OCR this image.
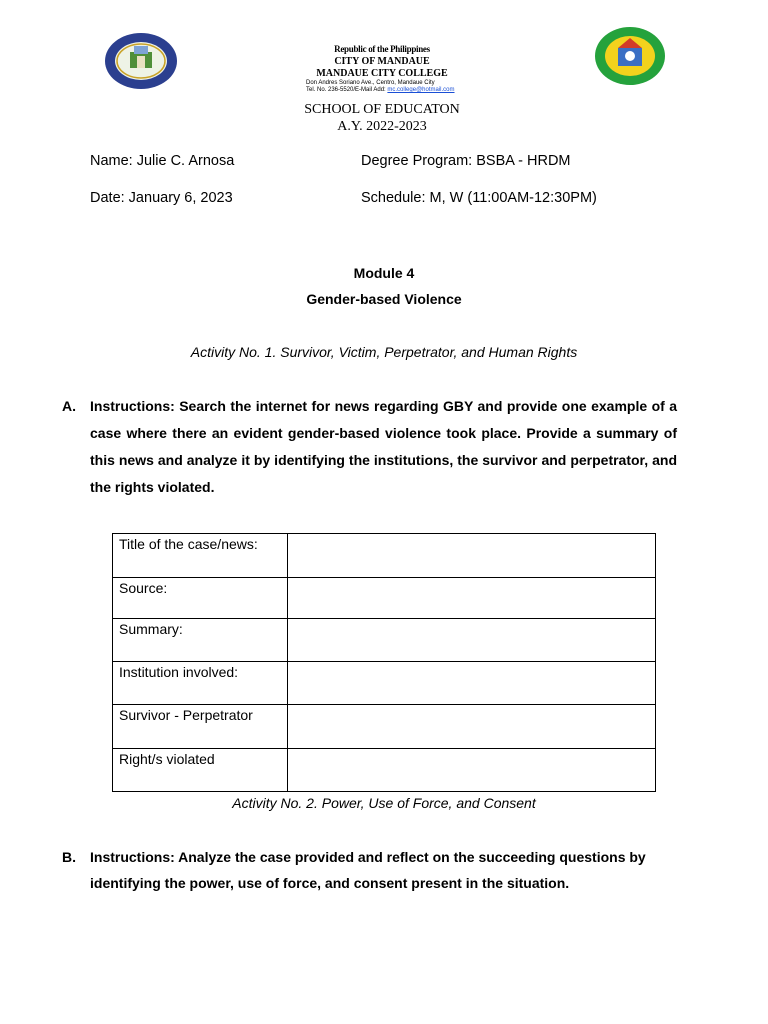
Republic of the Philippines
CITY OF MANDAUE
MANDAUE CITY COLLEGE
Don Andres Soriano Ave., Centro, Mandaue City
Tel. No. 236-5520/E-Mail Add: mc.college@hotmail.com
SCHOOL OF EDUCATON
A.Y. 2022-2023
Name: Julie C. Arnosa	Degree Program: BSBA - HRDM
Date: January 6, 2023	Schedule: M, W (11:00AM-12:30PM)
Module 4
Gender-based Violence
Activity No. 1. Survivor, Victim, Perpetrator, and Human Rights
A. Instructions: Search the internet for news regarding GBY and provide one example of a case where there an evident gender-based violence took place. Provide a summary of this news and analyze it by identifying the institutions, the survivor and perpetrator, and the rights violated.
Title of the case/news:	
Source:	
Summary:	
Institution involved:	
Survivor - Perpetrator	
Right/s violated	
Activity No. 2. Power, Use of Force, and Consent
B. Instructions: Analyze the case provided and reflect on the succeeding questions by identifying the power, use of force, and consent present in the situation.
